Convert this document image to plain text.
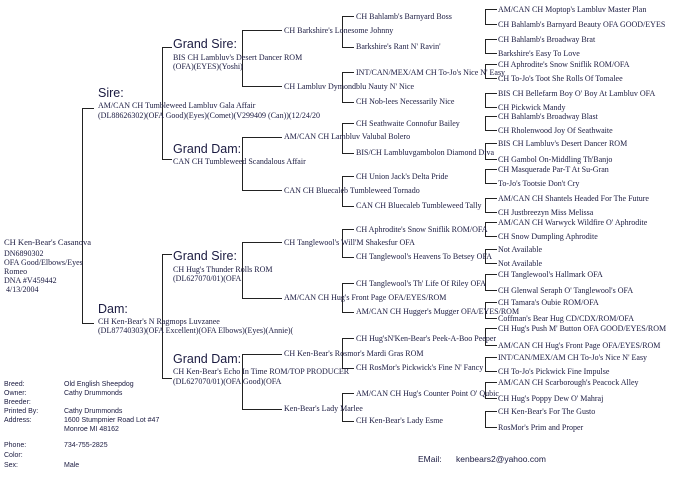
CH Ken-Bear's Casanova
DN6890302
OFA Good/Elbows/Eyes
Romeo
DNA #V459442
4/13/2004
Sire:
AM/CAN CH Tumbleweed Lambluv Gala Affair
(DL88626302)(OFA Good)(Eyes)(Comet)(V299409 (Can))(12/24/20
Grand Sire:
BIS CH Lambluv's Desert Dancer ROM
(OFA)(EYES)(Yoshi)
Grand Dam:
CAN CH Tumbleweed Scandalous Affair
CH Barkshire's Lonesome Johnny
CH Lambluv Dymondblu Nauty N' Nice
CH Bahlamb's Barnyard Boss
Barkshire's Rant N' Ravin'
INT/CAN/MEX/AM CH To-Jo's Nice N' Easy
CH Nob-lees Necessarily Nice
AM/CAN CH Moptop's Lambluv Master Plan
CH Bahlamb's Barnyard Beauty OFA GOOD/EYES
CH Bahlamb's Broadway Brat
Barkshire's Easy To Love
CH Aphrodite's Snow Sniflik ROM/OFA
CH To-Jo's Toot She Rolls Of Tomalee
BIS CH Bellefarm Boy O' Boy At Lambluv OFA
CH Pickwick Mandy
AM/CAN CH Lambluv Valubal Bolero
CAN CH Bluecaleb Tumbleweed Tornado
CH Seathwaite Connofur Bailey
BIS/CH Lambluvgambolon Diamond Diva
CH Union Jack's Delta Pride
CAN CH Bluecaleb Tumbleweed Tally
CH Bahlamb's Broadway Blast
CH Rholenwood Joy Of Seathwaite
BIS CH Lambluv's Desert Dancer ROM
CH Gambol On-Middling Th'Banjo
CH Masquerade Par-T At Su-Gran
To-Jo's Tootsie Don't Cry
AM/CAN CH Shantels Headed For The Future
CH Justbreezyn Miss Melissa
Dam:
CH Ken-Bear's N Ragmops Luvzanee
(DL87740303)(OFA Excellent)(OFA Elbows)(Eyes)(Annie)(
Grand Sire:
CH Hug's Thunder Rolls ROM
(DL627070/01)(OFA
Grand Dam:
CH Ken-Bear's Echo In Time ROM/TOP PRODUCER
(DL627070/01)(OFA Good)(OFA
CH Tanglewool's Will'M Shakesfur OFA
AM/CAN CH Hug's Front Page OFA/EYES/ROM
CH Aphrodite's Snow Sniflik ROM/OFA
CH Tanglewool's Heavens To Betsey OFA
CH Tanglewool's Th' Life Of Riley OFA
AM/CAN CH Hugger's Mugger OFA/EYES/ROM
AM/CAN CH Warwyck Wildfire O' Aphrodite
CH Snow Dumpling Aphrodite
Not Available
Not Available
CH Tanglewool's Hallmark OFA
CH Glenwal Seraph O' Tanglewool's OFA
CH Tamara's Oubie ROM/OFA
Coffman's Bear Hug CD/CDX/ROM/OFA
CH Ken-Bear's Rosmor's Mardi Gras ROM
Ken-Bear's Lady Marlee
CH Hug'sN'Ken-Bear's Peek-A-Boo Peeper
CH RosMor's Pickwick's Fine N' Fancy
AM/CAN CH Hug's Counter Point O' Qubic
CH Ken-Bear's Lady Esme
CH Hug's Push M' Button OFA GOOD/EYES/ROM
AM/CAN CH Hug's Front Page OFA/EYES/ROM
INT/CAN/MEX/AM CH To-Jo's Nice N' Easy
CH To-Jo's Pickwick Fine Impulse
AM/CAN CH Scarborough's Peacock Alley
CH Hug's Poppy Dew O' Mahraj
CH Ken-Bear's For The Gusto
RosMor's Prim and Proper
Breed:	Old English Sheepdog
Owner:	Cathy Drummonds
Breeder:
Printed By:	Cathy Drummonds
Address:	1600 Stumpmier Road Lot #47
Monroe MI 48162
Phone:	734-755-2825
Color:
Sex:	Male
EMail: kenbears2@yahoo.com
